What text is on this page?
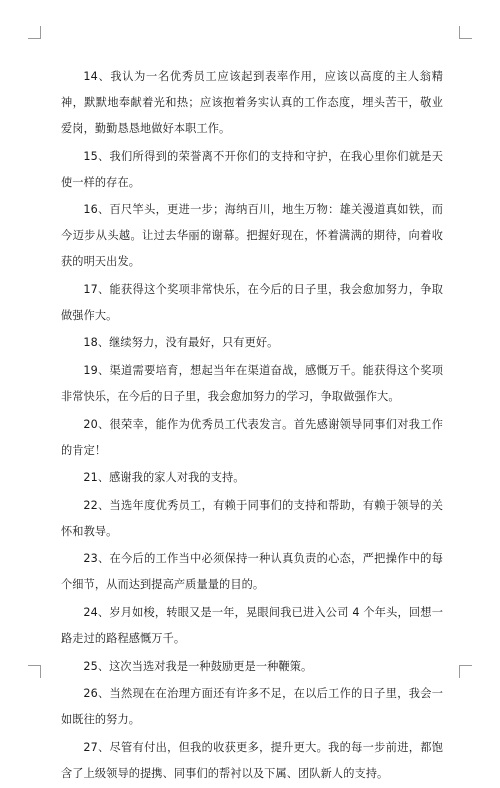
14、我认为一名优秀员工应该起到表率作用，应该以高度的主人翁精神，默默地奉献着光和热；应该抱着务实认真的工作态度，埋头苦干，敬业爱岗，勤勤恳恳地做好本职工作。

15、我们所得到的荣誉离不开你们的支持和守护，在我心里你们就是天使一样的存在。

16、百尺竿头，更进一步；海纳百川，地生万物：雄关漫道真如铁，而今迈步从头越。让过去华丽的谢幕。把握好现在，怀着满满的期待，向着收获的明天出发。

17、能获得这个奖项非常快乐，在今后的日子里，我会愈加努力，争取做强作大。

18、继续努力，没有最好，只有更好。

19、渠道需要培育，想起当年在渠道奋战，感慨万千。能获得这个奖项非常快乐，在今后的日子里，我会愈加努力的学习，争取做强作大。

20、很荣幸，能作为优秀员工代表发言。首先感谢领导同事们对我工作的肯定！

21、感谢我的家人对我的支持。

22、当选年度优秀员工，有赖于同事们的支持和帮助，有赖于领导的关怀和教导。

23、在今后的工作当中必须保持一种认真负责的心态，严把操作中的每个细节，从而达到提高产质量量的目的。

24、岁月如梭，转眼又是一年，晃眼间我已进入公司 4 个年头，回想一路走过的路程感慨万千。

25、这次当选对我是一种鼓励更是一种鞭策。

26、当然现在在治理方面还有许多不足，在以后工作的日子里，我会一如既往的努力。

27、尽管有付出，但我的收获更多，提升更大。我的每一步前进，都饱含了上级领导的提携、同事们的帮衬以及下属、团队新人的支持。
